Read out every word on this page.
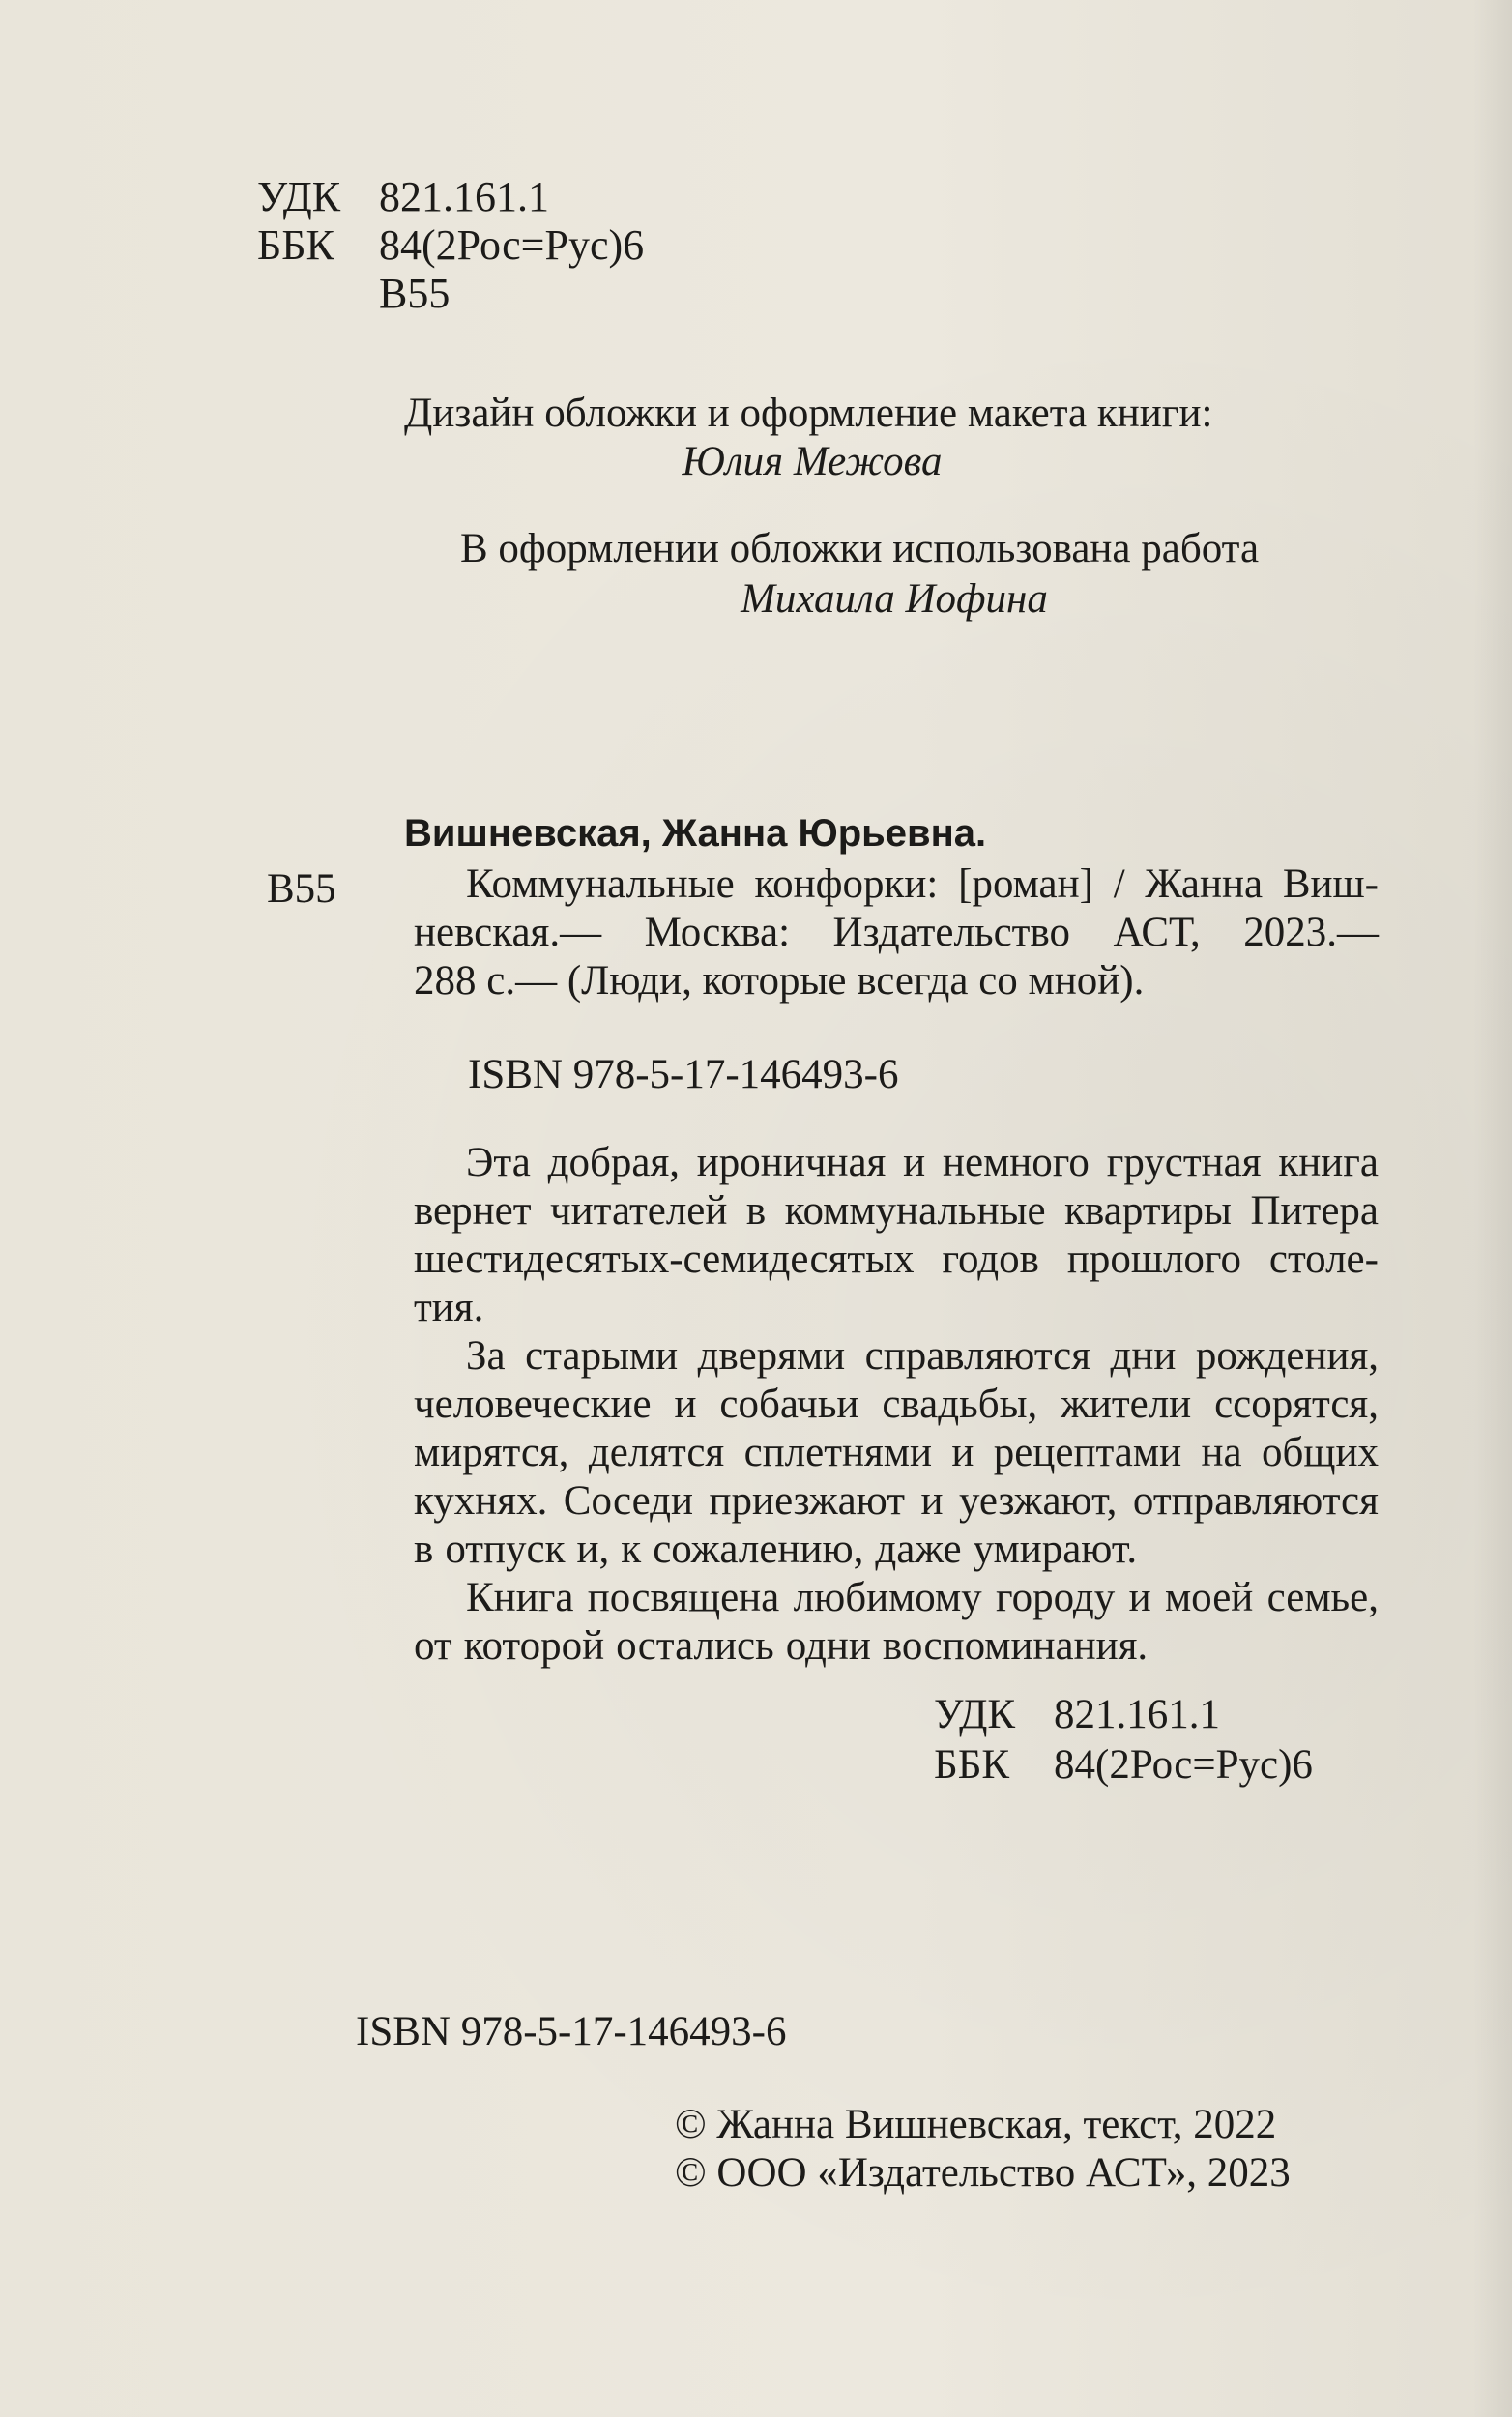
УДК 821.161.1
ББК 84(2Рос=Рус)6
В55
Дизайн обложки и оформление макета книги:
Юлия Межова
В оформлении обложки использована работа
Михаила Иофина
Вишневская, Жанна Юрьевна.
В55	Коммунальные конфорки: [роман] / Жанна Виш-
невская.— Москва: Издательство АСТ, 2023.—
288 с.— (Люди, которые всегда со мной).
ISBN 978-5-17-146493-6
Эта добрая, ироничная и немного грустная книга
вернет читателей в коммунальные квартиры Питера
шестидесятых-семидесятых годов прошлого столе-
тия.
За старыми дверями справляются дни рождения,
человеческие и собачьи свадьбы, жители ссорятся,
мирятся, делятся сплетнями и рецептами на общих
кухнях. Соседи приезжают и уезжают, отправляются
в отпуск и, к сожалению, даже умирают.
Книга посвящена любимому городу и моей семье,
от которой остались одни воспоминания.
УДК 821.161.1
ББК 84(2Рос=Рус)6
ISBN 978-5-17-146493-6
© Жанна Вишневская, текст, 2022
© ООО «Издательство АСТ», 2023
